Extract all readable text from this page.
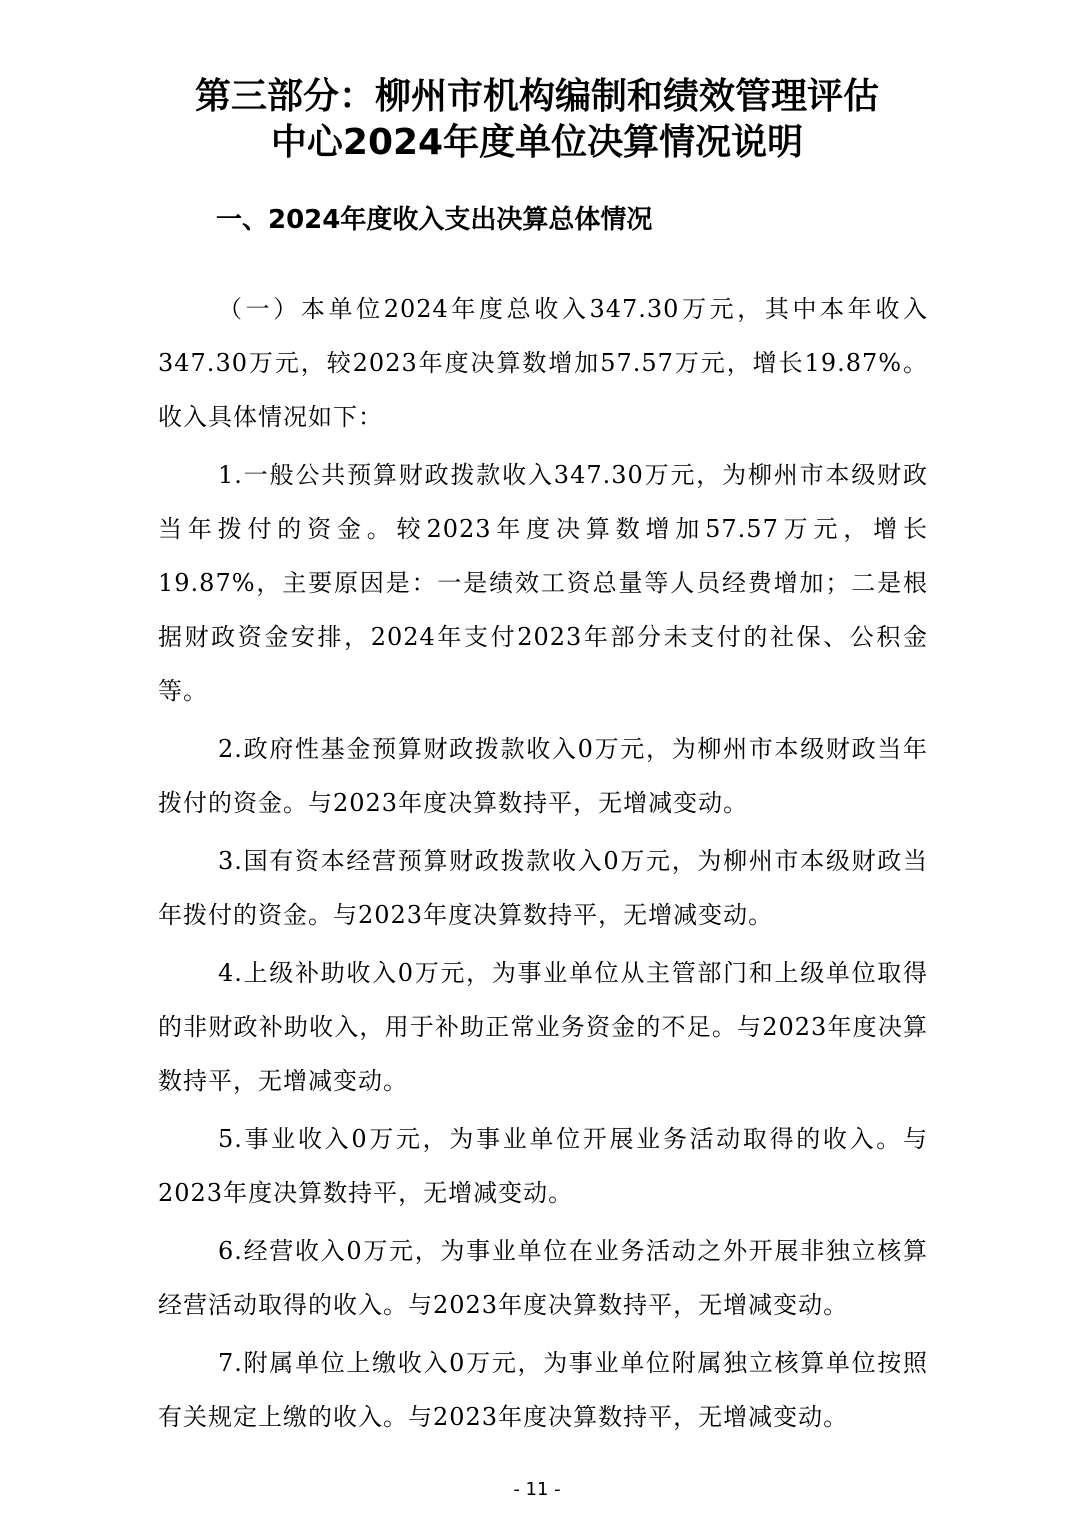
第三部分：柳州市机构编制和绩效管理评估
中心2024年度单位决算情况说明
一、2024年度收入支出决算总体情况

（一）本单位2024年度总收入347.30万元，其中本年收入347.30万元，较2023年度决算数增加57.57万元，增长19.87%。收入具体情况如下：

1.一般公共预算财政拨款收入347.30万元，为柳州市本级财政当年拨付的资金。较2023年度决算数增加57.57万元，增长19.87%，主要原因是：一是绩效工资总量等人员经费增加；二是根据财政资金安排，2024年支付2023年部分未支付的社保、公积金等。

2.政府性基金预算财政拨款收入0万元，为柳州市本级财政当年拨付的资金。与2023年度决算数持平，无增减变动。

3.国有资本经营预算财政拨款收入0万元，为柳州市本级财政当年拨付的资金。与2023年度决算数持平，无增减变动。

4.上级补助收入0万元，为事业单位从主管部门和上级单位取得的非财政补助收入，用于补助正常业务资金的不足。与2023年度决算数持平，无增减变动。

5.事业收入0万元，为事业单位开展业务活动取得的收入。与2023年度决算数持平，无增减变动。

6.经营收入0万元，为事业单位在业务活动之外开展非独立核算经营活动取得的收入。与2023年度决算数持平，无增减变动。

7.附属单位上缴收入0万元，为事业单位附属独立核算单位按照有关规定上缴的收入。与2023年度决算数持平，无增减变动。

- 11 -
